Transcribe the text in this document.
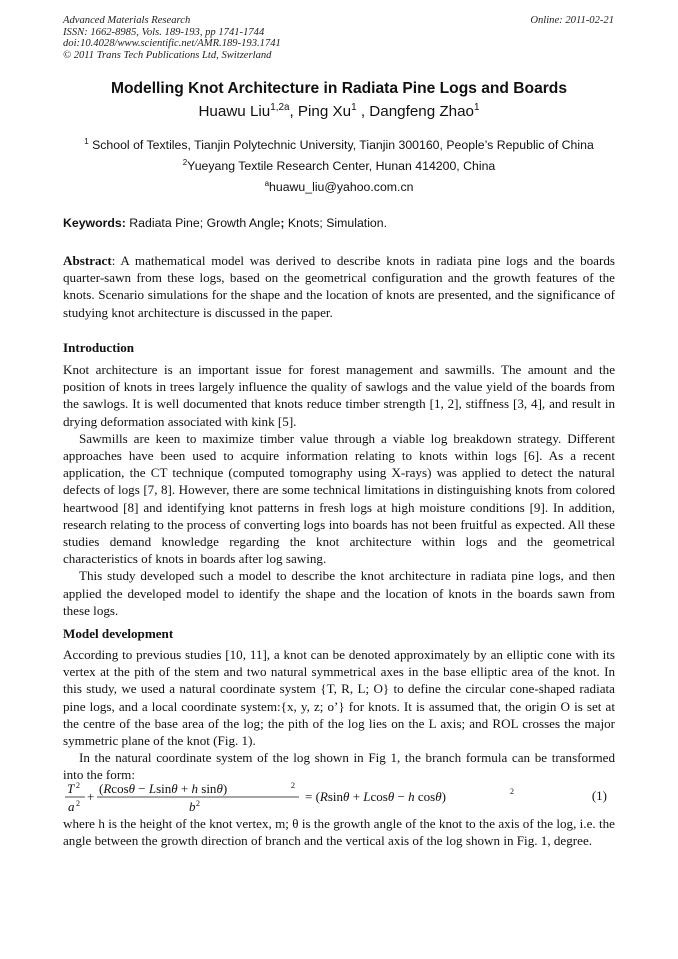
Advanced Materials Research
ISSN: 1662-8985, Vols. 189-193, pp 1741-1744
doi:10.4028/www.scientific.net/AMR.189-193.1741
© 2011 Trans Tech Publications Ltd, Switzerland
Online: 2011-02-21
Modelling Knot Architecture in Radiata Pine Logs and Boards
Huawu Liu$^{1,2a}$, Ping Xu$^1$ , Dangfeng Zhao$^1$
$^1$ School of Textiles, Tianjin Polytechnic University, Tianjin 300160, People’s Republic of China
$^2$Yueyang Textile Research Center, Hunan 414200, China
$^a$huawu_liu@yahoo.com.cn
Keywords: Radiata Pine; Growth Angle; Knots; Simulation.

Abstract: A mathematical model was derived to describe knots in radiata pine logs and the boards quarter-sawn from these logs, based on the geometrical configuration and the growth features of the knots. Scenario simulations for the shape and the location of knots are presented, and the significance of studying knot architecture is discussed in the paper.

Introduction

Knot architecture is an important issue for forest management and sawmills. The amount and the position of knots in trees largely influence the quality of sawlogs and the value yield of the boards from the sawlogs. It is well documented that knots reduce timber strength [1, 2], stiffness [3, 4], and result in drying deformation associated with kink [5].

Sawmills are keen to maximize timber value through a viable log breakdown strategy. Different approaches have been used to acquire information relating to knots within logs [6]. As a recent application, the CT technique (computed tomography using X-rays) was applied to detect the natural defects of logs [7, 8]. However, there are some technical limitations in distinguishing knots from colored heartwood [8] and identifying knot patterns in fresh logs at high moisture conditions [9]. In addition, research relating to the process of converting logs into boards has not been fruitful as expected. All these studies demand knowledge regarding the knot architecture within logs and the geometrical characteristics of knots in boards after log sawing.

This study developed such a model to describe the knot architecture in radiata pine logs, and then applied the developed model to identify the shape and the location of knots in the boards sawn from these logs.

Model development

According to previous studies [10, 11], a knot can be denoted approximately by an elliptic cone with its vertex at the pith of the stem and two natural symmetrical axes in the base elliptic area of the knot. In this study, we used a natural coordinate system {T, R, L; O} to define the circular cone-shaped radiata pine logs, and a local coordinate system:{x, y, z; o’} for knots. It is assumed that, the origin O is set at the centre of the base area of the log; the pith of the log lies on the L axis; and ROL crosses the major symmetric plane of the knot (Fig. 1).

In the natural coordinate system of the log shown in Fig 1, the branch formula can be transformed into the form:

T 2
a 2 +
(Rcosθ − Lsinθ + h sinθ)	2
b 2	= (Rsinθ + Lcosθ − h cosθ)	2	(1)

where h is the height of the knot vertex, m; θ is the growth angle of the knot to the axis of the log, i.e. the angle between the growth direction of branch and the vertical axis of the log shown in Fig. 1, degree.
